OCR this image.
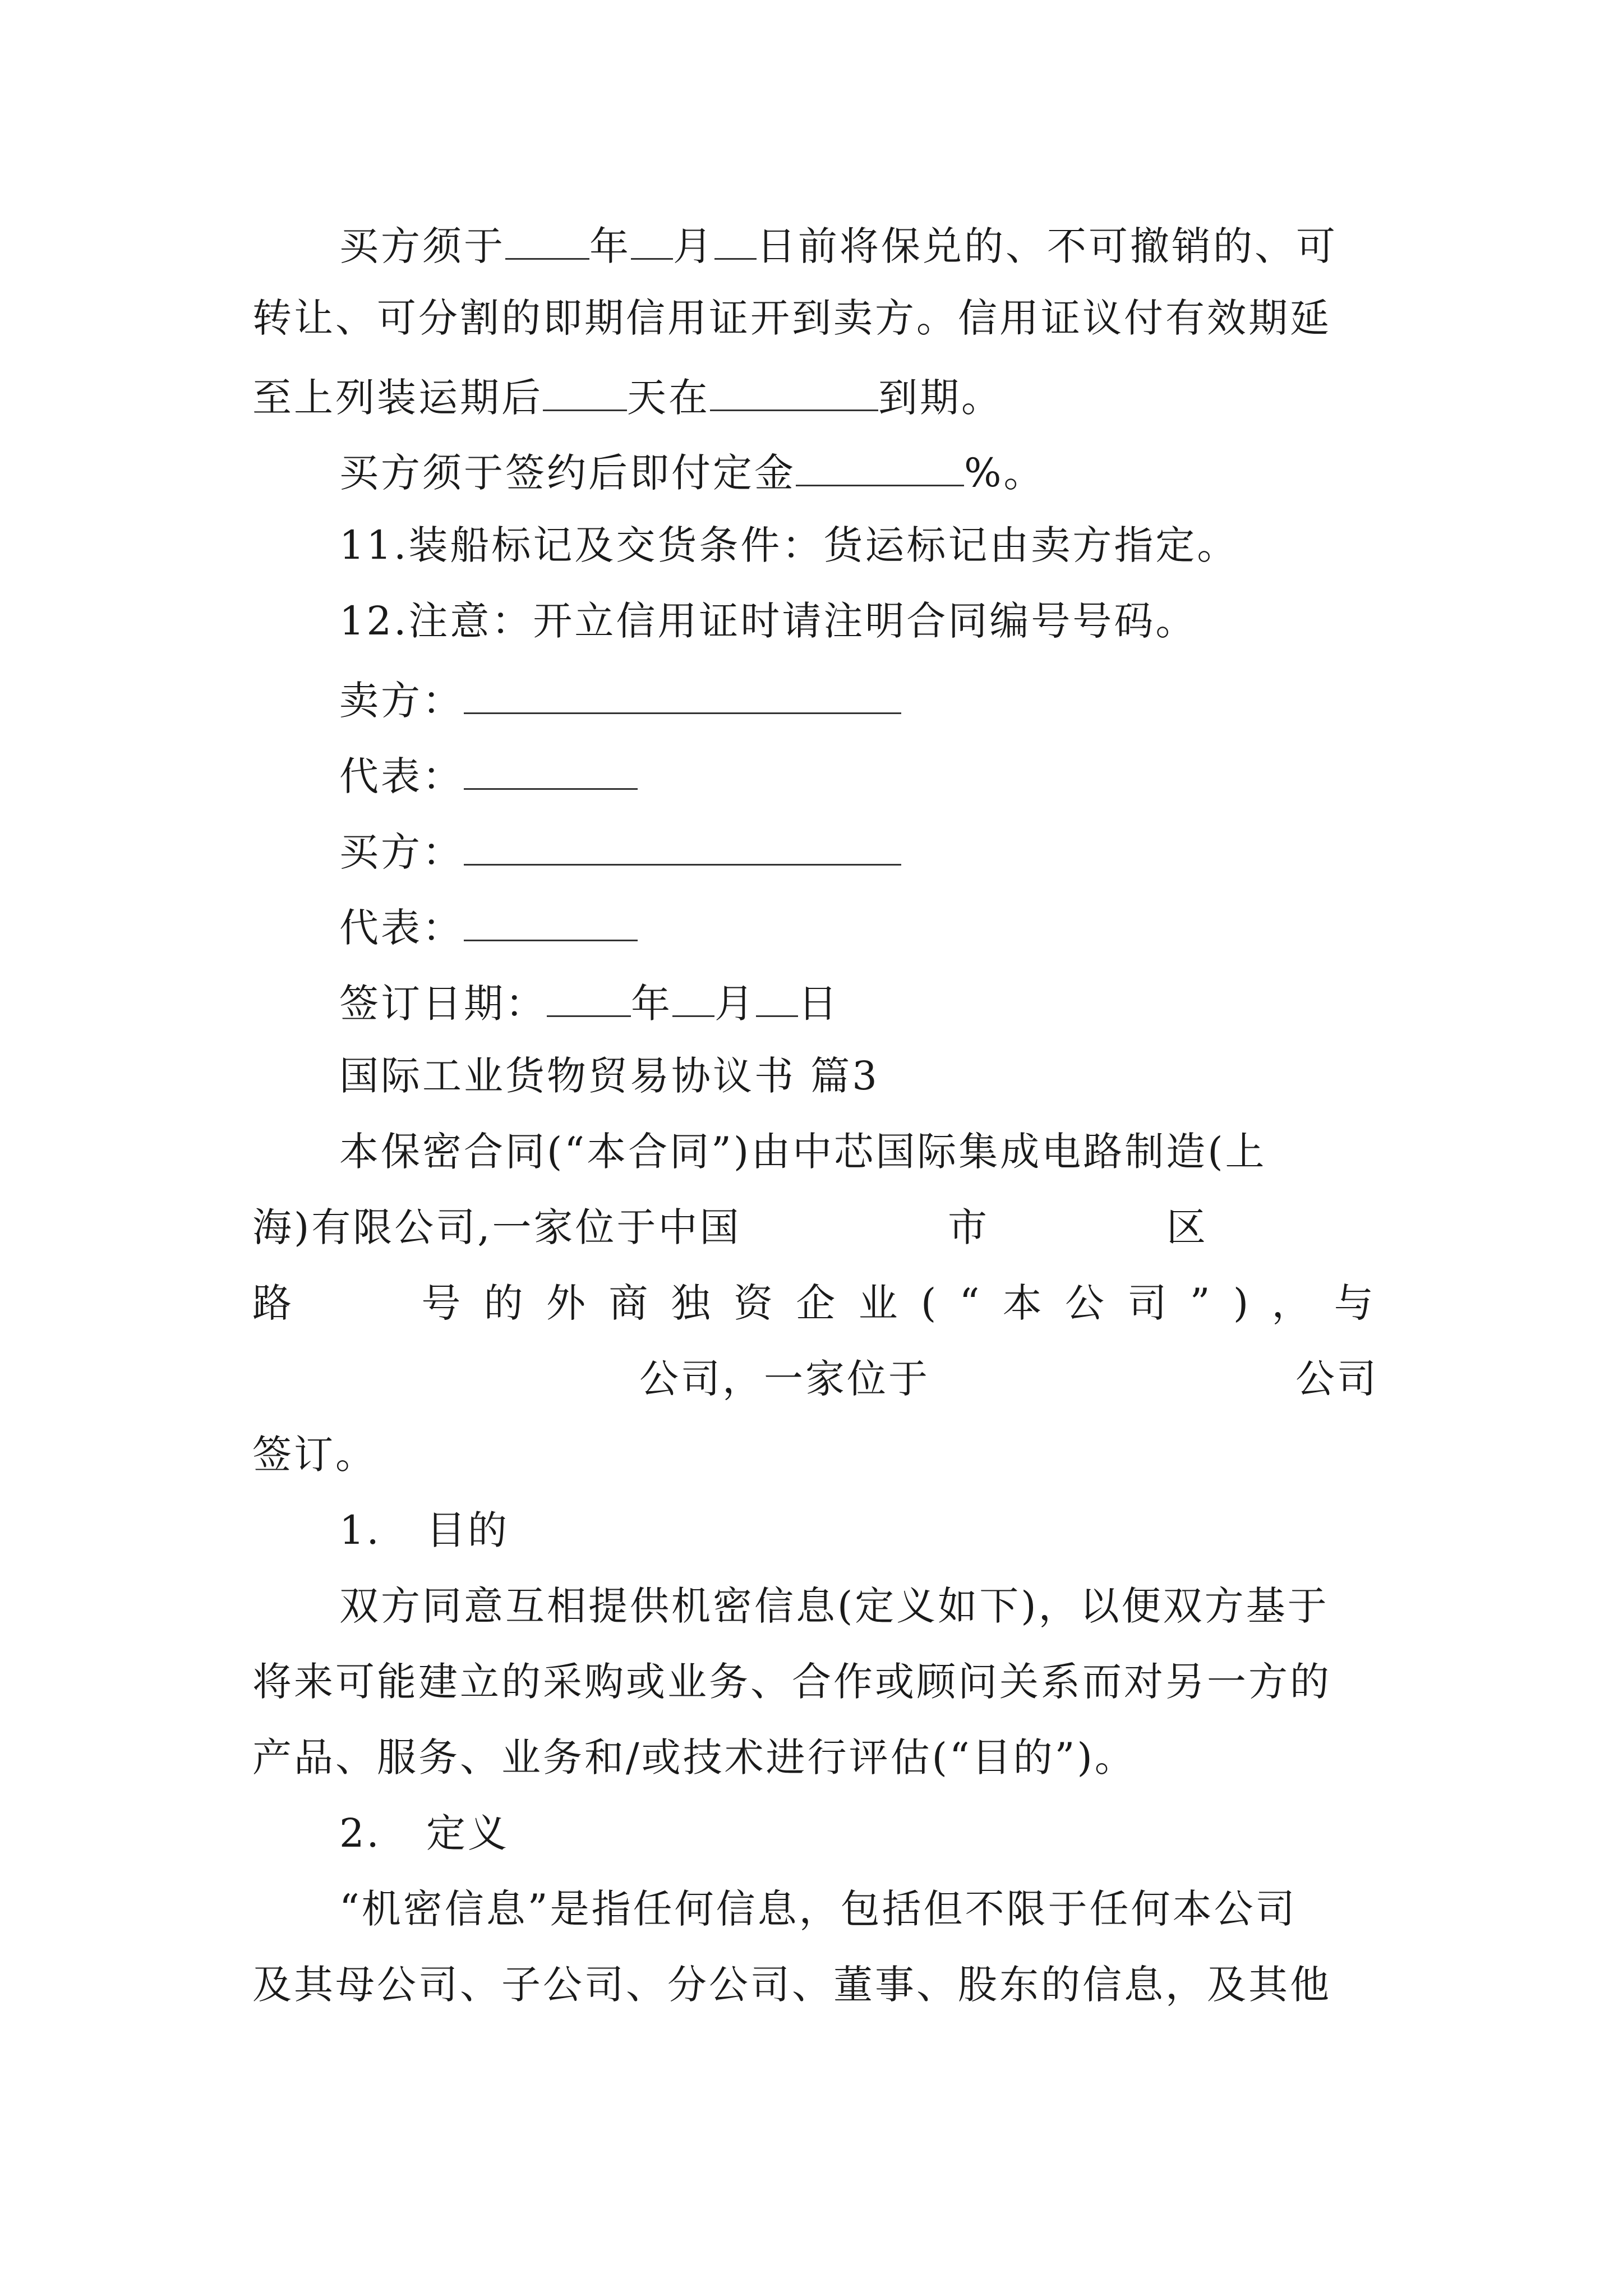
买方须于 年 月 日前将保兑的、不可撤销的、可
转让、可分割的即期信用证开到卖方。信用证议付有效期延
至上列装运期后 天在	到期。
买方须于签约后即付定金	%。
11.装船标记及交货条件：货运标记由卖方指定。
12.注意：开立信用证时请注明合同编号号码。
卖方：
代表：
买方：
代表：
签订日期： 年 月 日
国际工业货物贸易协议书 篇3
本保密合同(“本合同”)由中芯国际集成电路制造(上
海)有限公司,一家位于中国	市	区
路	号 的 外 商 独 资 企 业 ( “ 本 公 司 ” ) ， 与
公司，一家位于	公司
签订。
1. 目的
双方同意互相提供机密信息(定义如下)，以便双方基于
将来可能建立的采购或业务、合作或顾问关系而对另一方的
产品、服务、业务和/或技术进行评估(“目的”)。
2. 定义
“机密信息”是指任何信息，包括但不限于任何本公司
及其母公司、子公司、分公司、董事、股东的信息，及其他
